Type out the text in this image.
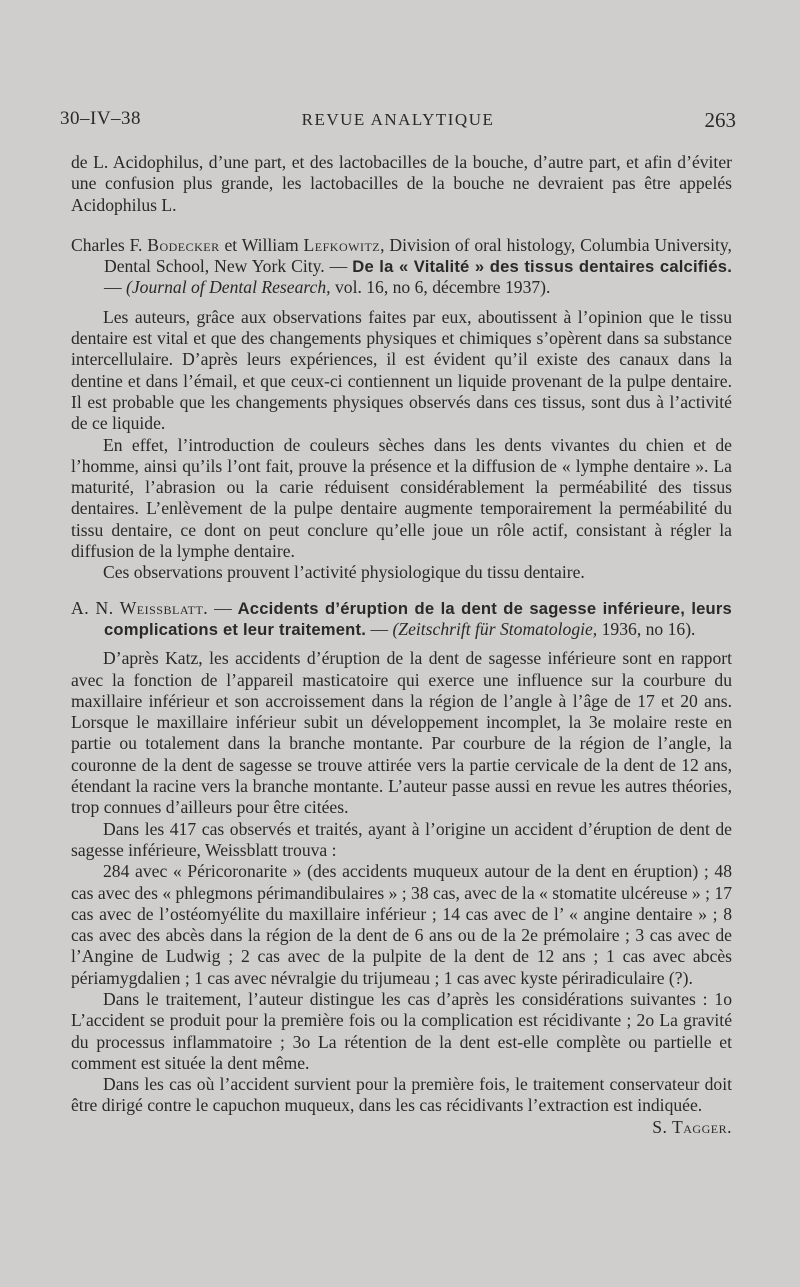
30–IV–38	REVUE ANALYTIQUE	263

de L. Acidophilus, d’une part, et des lactobacilles de la bouche, d’autre part, et afin d’éviter une confusion plus grande, les lactobacilles de la bouche ne devraient pas être appelés Acidophilus L.

Charles F. Bodecker et William Lefkowitz, Division of oral histology, Columbia University, Dental School, New York City. — De la « Vitalité » des tissus dentaires calcifiés. — (Journal of Dental Research, vol. 16, no 6, décembre 1937).

Les auteurs, grâce aux observations faites par eux, aboutissent à l’opinion que le tissu dentaire est vital et que des changements physiques et chimiques s’opèrent dans sa substance intercellulaire. D’après leurs expériences, il est évident qu’il existe des canaux dans la dentine et dans l’émail, et que ceux-ci contiennent un liquide provenant de la pulpe dentaire. Il est probable que les changements physiques observés dans ces tissus, sont dus à l’activité de ce liquide.

En effet, l’introduction de couleurs sèches dans les dents vivantes du chien et de l’homme, ainsi qu’ils l’ont fait, prouve la présence et la diffusion de « lymphe dentaire ». La maturité, l’abrasion ou la carie réduisent considérablement la perméabilité des tissus dentaires. L’enlèvement de la pulpe dentaire augmente temporairement la perméabilité du tissu dentaire, ce dont on peut conclure qu’elle joue un rôle actif, consistant à régler la diffusion de la lymphe dentaire.

Ces observations prouvent l’activité physiologique du tissu dentaire.

A. N. Weissblatt. — Accidents d’éruption de la dent de sagesse inférieure, leurs complications et leur traitement. — (Zeitschrift für Stomatologie, 1936, no 16).

D’après Katz, les accidents d’éruption de la dent de sagesse inférieure sont en rapport avec la fonction de l’appareil masticatoire qui exerce une influence sur la courbure du maxillaire inférieur et son accroissement dans la région de l’angle à l’âge de 17 et 20 ans. Lorsque le maxillaire inférieur subit un développement incomplet, la 3e molaire reste en partie ou totalement dans la branche montante. Par courbure de la région de l’angle, la couronne de la dent de sagesse se trouve attirée vers la partie cervicale de la dent de 12 ans, étendant la racine vers la branche montante. L’auteur passe aussi en revue les autres théories, trop connues d’ailleurs pour être citées.

Dans les 417 cas observés et traités, ayant à l’origine un accident d’éruption de dent de sagesse inférieure, Weissblatt trouva :

284 avec « Péricoronarite » (des accidents muqueux autour de la dent en éruption) ; 48 cas avec des « phlegmons périmandibulaires » ; 38 cas, avec de la « stomatite ulcéreuse » ; 17 cas avec de l’ostéomyélite du maxillaire inférieur ; 14 cas avec de l’ « angine dentaire » ; 8 cas avec des abcès dans la région de la dent de 6 ans ou de la 2e prémolaire ; 3 cas avec de l’Angine de Ludwig ; 2 cas avec de la pulpite de la dent de 12 ans ; 1 cas avec abcès périamygdalien ; 1 cas avec névralgie du trijumeau ; 1 cas avec kyste périradiculaire (?).

Dans le traitement, l’auteur distingue les cas d’après les considérations suivantes : 1o L’accident se produit pour la première fois ou la complication est récidivante ; 2o La gravité du processus inflammatoire ; 3o La rétention de la dent est-elle complète ou partielle et comment est située la dent même.

Dans les cas où l’accident survient pour la première fois, le traitement conservateur doit être dirigé contre le capuchon muqueux, dans les cas récidivants l’extraction est indiquée.
S. Tagger.
